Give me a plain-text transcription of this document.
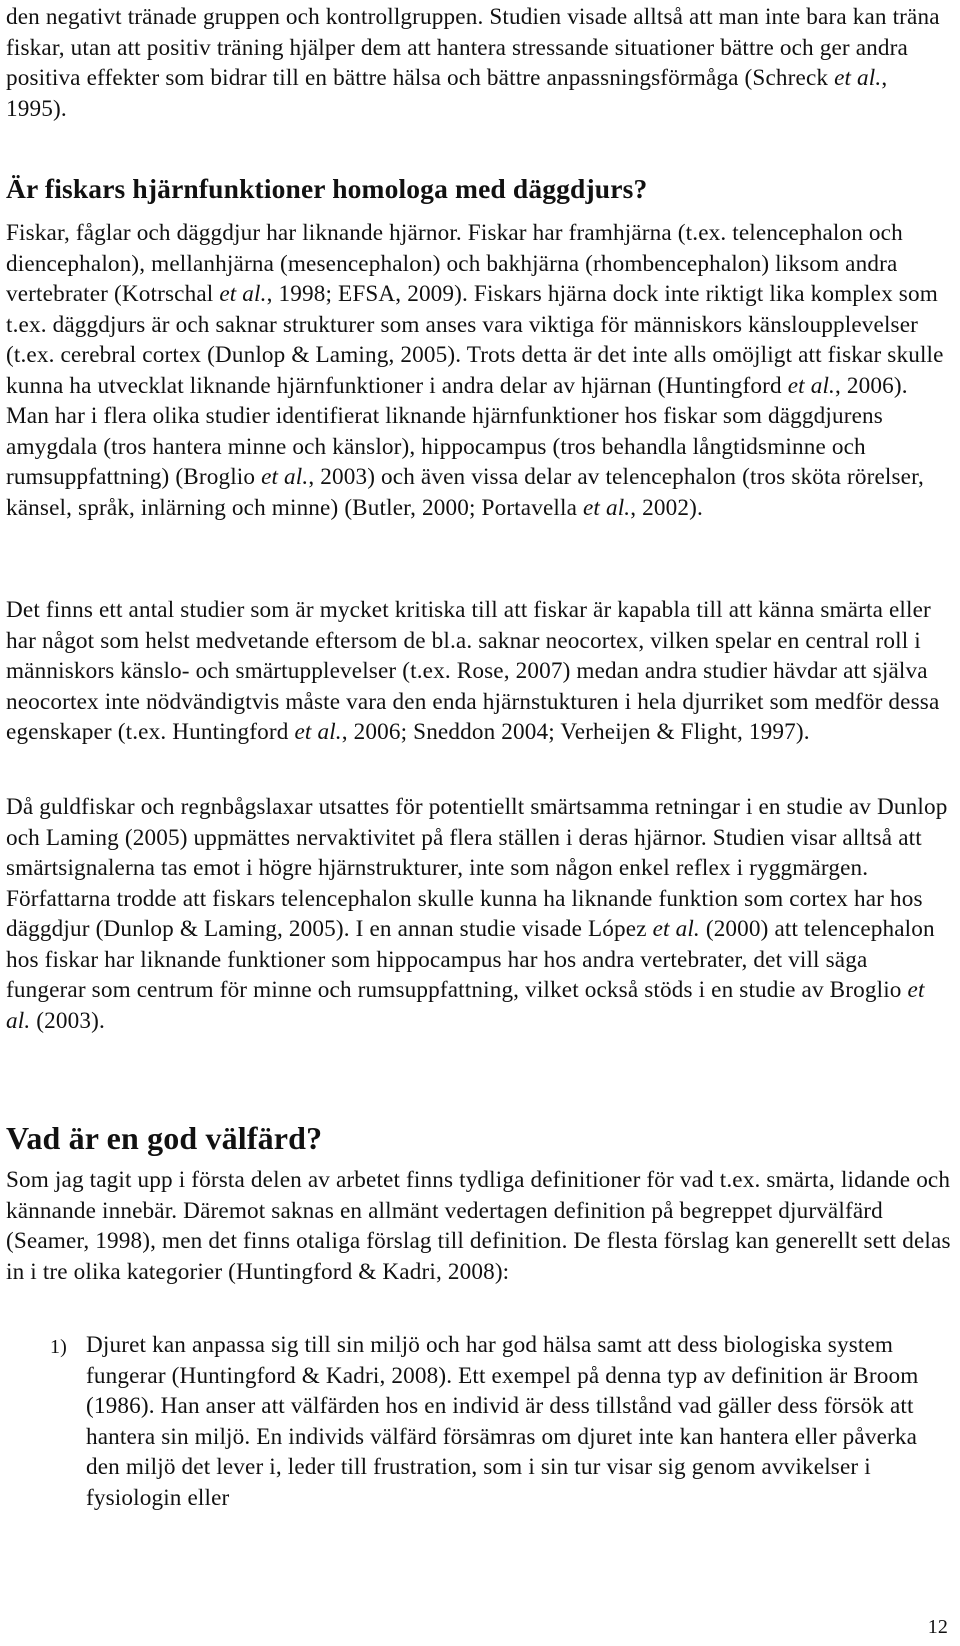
den negativt tränade gruppen och kontrollgruppen. Studien visade alltså att man inte bara kan träna fiskar, utan att positiv träning hjälper dem att hantera stressande situationer bättre och ger andra positiva effekter som bidrar till en bättre hälsa och bättre anpassningsförmåga (Schreck et al., 1995).

Är fiskars hjärnfunktioner homologa med däggdjurs?

Fiskar, fåglar och däggdjur har liknande hjärnor. Fiskar har framhjärna (t.ex. telencephalon och diencephalon), mellanhjärna (mesencephalon) och bakhjärna (rhombencephalon) liksom andra vertebrater (Kotrschal et al., 1998; EFSA, 2009). Fiskars hjärna dock inte riktigt lika komplex som t.ex. däggdjurs är och saknar strukturer som anses vara viktiga för människors känsloupplevelser (t.ex. cerebral cortex (Dunlop & Laming, 2005). Trots detta är det inte alls omöjligt att fiskar skulle kunna ha utvecklat liknande hjärnfunktioner i andra delar av hjärnan (Huntingford et al., 2006). Man har i flera olika studier identifierat liknande hjärnfunktioner hos fiskar som däggdjurens amygdala (tros hantera minne och känslor), hippocampus (tros behandla långtidsminne och rumsuppfattning) (Broglio et al., 2003) och även vissa delar av telencephalon (tros sköta rörelser, känsel, språk, inlärning och minne) (Butler, 2000; Portavella et al., 2002).

Det finns ett antal studier som är mycket kritiska till att fiskar är kapabla till att känna smärta eller har något som helst medvetande eftersom de bl.a. saknar neocortex, vilken spelar en central roll i människors känslo- och smärtupplevelser (t.ex. Rose, 2007) medan andra studier hävdar att själva neocortex inte nödvändigtvis måste vara den enda hjärnstukturen i hela djurriket som medför dessa egenskaper (t.ex. Huntingford et al., 2006; Sneddon 2004; Verheijen & Flight, 1997).

Då guldfiskar och regnbågslaxar utsattes för potentiellt smärtsamma retningar i en studie av Dunlop och Laming (2005) uppmättes nervaktivitet på flera ställen i deras hjärnor. Studien visar alltså att smärtsignalerna tas emot i högre hjärnstrukturer, inte som någon enkel reflex i ryggmärgen. Författarna trodde att fiskars telencephalon skulle kunna ha liknande funktion som cortex har hos däggdjur (Dunlop & Laming, 2005). I en annan studie visade López et al. (2000) att telencephalon hos fiskar har liknande funktioner som hippocampus har hos andra vertebrater, det vill säga fungerar som centrum för minne och rumsuppfattning, vilket också stöds i en studie av Broglio et al. (2003).

Vad är en god välfärd?

Som jag tagit upp i första delen av arbetet finns tydliga definitioner för vad t.ex. smärta, lidande och kännande innebär. Däremot saknas en allmänt vedertagen definition på begreppet djurvälfärd (Seamer, 1998), men det finns otaliga förslag till definition. De flesta förslag kan generellt sett delas in i tre olika kategorier (Huntingford & Kadri, 2008):

1) Djuret kan anpassa sig till sin miljö och har god hälsa samt att dess biologiska system fungerar (Huntingford & Kadri, 2008). Ett exempel på denna typ av definition är Broom (1986). Han anser att välfärden hos en individ är dess tillstånd vad gäller dess försök att hantera sin miljö. En individs välfärd försämras om djuret inte kan hantera eller påverka den miljö det lever i, leder till frustration, som i sin tur visar sig genom avvikelser i fysiologin eller

12
